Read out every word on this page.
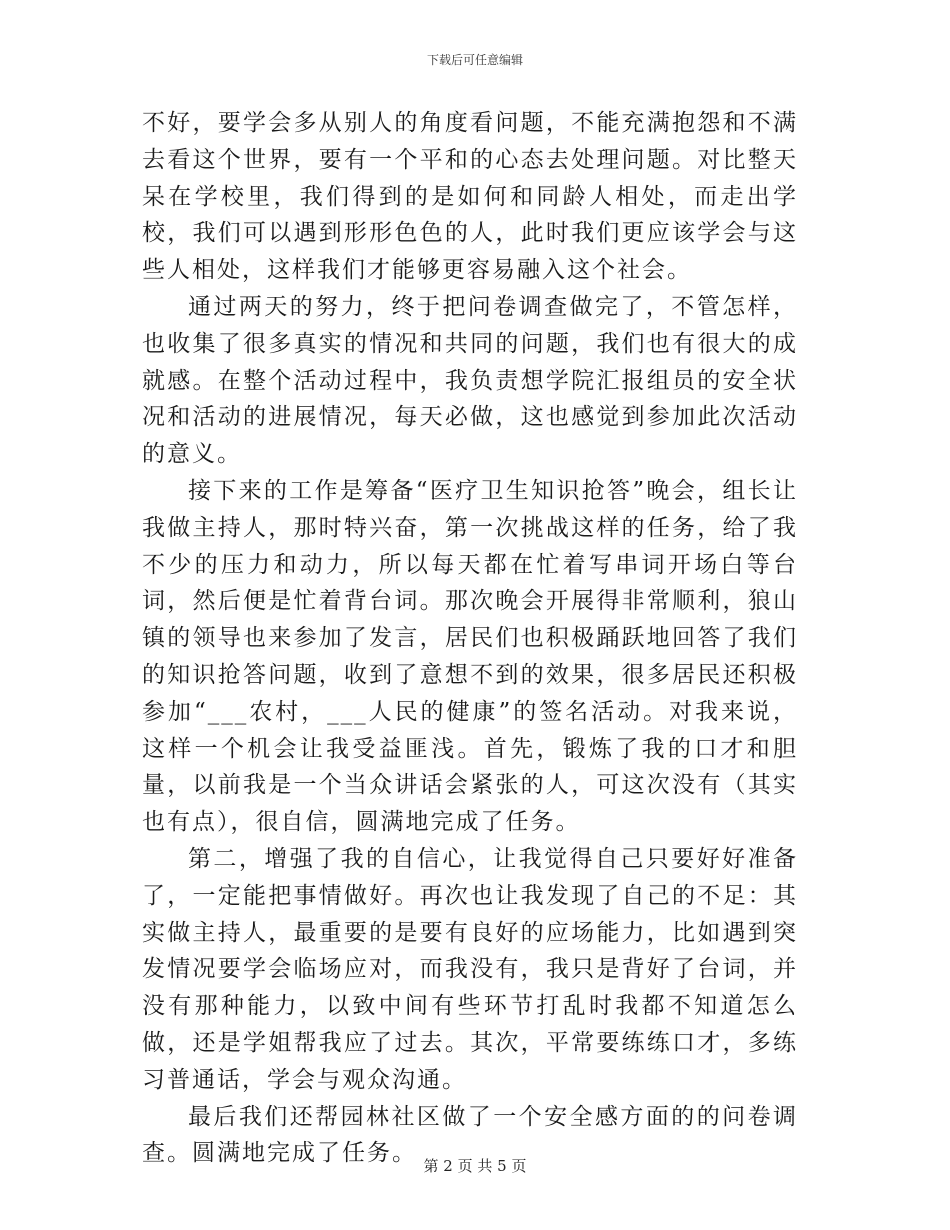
下载后可任意编辑

不好，要学会多从别人的角度看问题，不能充满抱怨和不满去看这个世界，要有一个平和的心态去处理问题。对比整天呆在学校里，我们得到的是如何和同龄人相处，而走出学校，我们可以遇到形形色色的人，此时我们更应该学会与这些人相处，这样我们才能够更容易融入这个社会。

通过两天的努力，终于把问卷调查做完了，不管怎样，也收集了很多真实的情况和共同的问题，我们也有很大的成就感。在整个活动过程中，我负责想学院汇报组员的安全状况和活动的进展情况，每天必做，这也感觉到参加此次活动的意义。

接下来的工作是筹备“医疗卫生知识抢答”晚会，组长让我做主持人，那时特兴奋，第一次挑战这样的任务，给了我不少的压力和动力，所以每天都在忙着写串词开场白等台词，然后便是忙着背台词。那次晚会开展得非常顺利，狼山镇的领导也来参加了发言，居民们也积极踊跃地回答了我们的知识抢答问题，收到了意想不到的效果，很多居民还积极参加“___农村，___人民的健康”的签名活动。对我来说，这样一个机会让我受益匪浅。首先，锻炼了我的口才和胆量，以前我是一个当众讲话会紧张的人，可这次没有（其实也有点），很自信，圆满地完成了任务。

第二，增强了我的自信心，让我觉得自己只要好好准备了，一定能把事情做好。再次也让我发现了自己的不足：其实做主持人，最重要的是要有良好的应场能力，比如遇到突发情况要学会临场应对，而我没有，我只是背好了台词，并没有那种能力，以致中间有些环节打乱时我都不知道怎么做，还是学姐帮我应了过去。其次，平常要练练口才，多练习普通话，学会与观众沟通。

最后我们还帮园林社区做了一个安全感方面的的问卷调查。圆满地完成了任务。 第 2 页 共 5 页
